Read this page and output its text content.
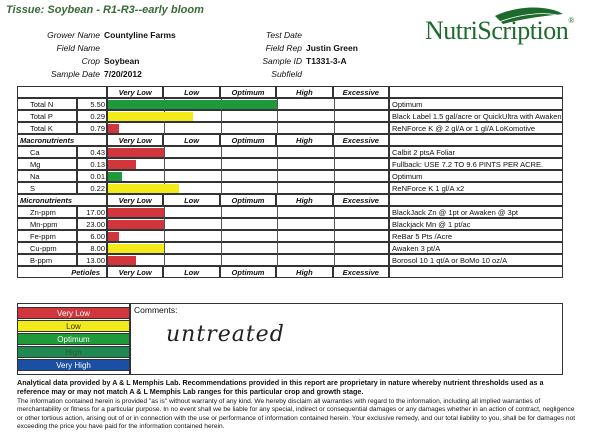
Tissue: Soybean - R1-R3--early bloom
Grower Name Countyline Farms
Field Name
Crop Soybean
Sample Date 7/20/2012
Test Date
Field Rep Justin Green
Sample ID T1331-3-A
Subfield
NutriScription®
Very Low	Low	Optimum	High	Excessive
Total N	5.50	Optimum
Total P	0.29	Black Label 1.5 gal/acre or QuickUltra with Awaken
Total K	0.79	ReNForce K @ 2 gl/A or 1 gl/A LoKomotive
Macronutrients	Very Low	Low	Optimum	High	Excessive
Ca	0.43	Calbit 2 ptsA Foliar
Mg	0.13	Fullback: USE 7.2 TO 9.6 PINTS PER ACRE.
Na	0.01	Optimum
S	0.22	ReNForce K 1 gl/A x2
Micronutrients	Very Low	Low	Optimum	High	Excessive
Zn-ppm	17.00	BlackJack Zn @ 1pt or Awaken @ 3pt
Mn-ppm	23.00	Blackjack Mn @ 1 pt/ac
Fe-ppm	6.00	ReBar 5 Pts /Acre
Cu-ppm	8.00	Awaken 3 pt/A
B-ppm	13.00	Borosol 10 1 qt/A or BoMo 10 oz/A
Petioles	Very Low	Low	Optimum	High	Excessive
Very Low
Low
Optimum
High
Very High
Comments:
untreated
Analytical data provided by A & L Memphis Lab. Recommendations provided in this report are proprietary in nature whereby nutrient thresholds used as a reference may or may not match A & L Memphis Lab ranges for this particular crop and growth stage.
The information contained herein is provided "as is" without warranty of any kind. We hereby disclaim all warranties with regard to the information, including all implied warranties of merchantability or fitness for a particular purpose. In no event shall we be liable for any special, indirect or consequential damages or any damages whether in an action of contract, negligence or other tortious action, arising out of or in connection with the use or performance of information contained herein. Your exclusive remedy, and our total liability to you, shall be for damages not exceeding the price you have paid for the information contained herein.
